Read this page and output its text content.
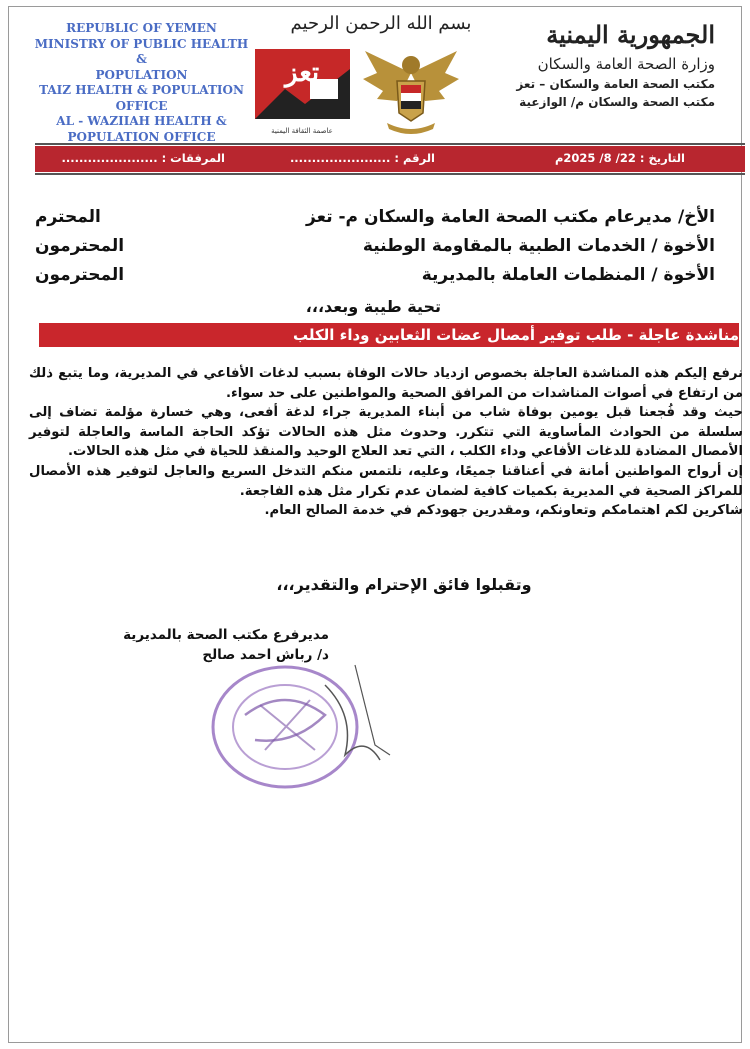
REPUBLIC OF YEMEN
MINISTRY OF PUBLIC HEALTH &
POPULATION
TAIZ HEALTH & POPULATION
OFFICE
AL - WAZIIAH HEALTH &
POPULATION OFFICE
بسم الله الرحمن الرحيم
تعز
عاصمة الثقافة اليمنية
الجمهورية اليمنية
وزارة الصحة العامة والسكان
مكتب الصحة العامة والسكان – تعز
مكتب الصحة والسكان م/ الوازعية
التاريخ : 22/ 8/ 2025م
الرقم : .......................
المرفقات : ......................
الأخ/ مديرعام مكتب الصحة العامة والسكان م- تعز
المحترم
الأخوة / الخدمات الطبية بالمقاومة الوطنية
المحترمون
الأخوة / المنظمات العاملة بالمديرية
المحترمون
تحية طيبة وبعد،،،
مناشدة عاجلة - طلب توفير أمصال عضات الثعابين وداء الكلب

نرفع إليكم هذه المناشدة العاجلة بخصوص ازدياد حالات الوفاة بسبب لدغات الأفاعي في المديرية، وما يتبع ذلك من ارتفاع في أصوات المناشدات من المرافق الصحية والمواطنين على حد سواء.

حيث وقد فُجعنا قبل يومين بوفاة شاب من أبناء المديرية جراء لدغة أفعى، وهي خسارة مؤلمة تضاف إلى سلسلة من الحوادث المأساوية التي تتكرر. وحدوث مثل هذه الحالات تؤكد الحاجة الماسة والعاجلة لتوفير الأمصال المضادة للدغات الأفاعي وداء الكلب ، التي تعد العلاج الوحيد والمنقذ للحياة في مثل هذه الحالات.

إن أرواح المواطنين أمانة في أعناقنا جميعًا، وعليه، نلتمس منكم التدخل السريع والعاجل لتوفير هذه الأمصال للمراكز الصحية في المديرية بكميات كافية لضمان عدم تكرار مثل هذه الفاجعة.

شاكرين لكم اهتمامكم وتعاونكم، ومقدرين جهودكم في خدمة الصالح العام.

وتقبلوا فائق الإحترام والتقدير،،،
مديرفرع مكتب الصحة بالمديرية
د/ رباش احمد صالح
